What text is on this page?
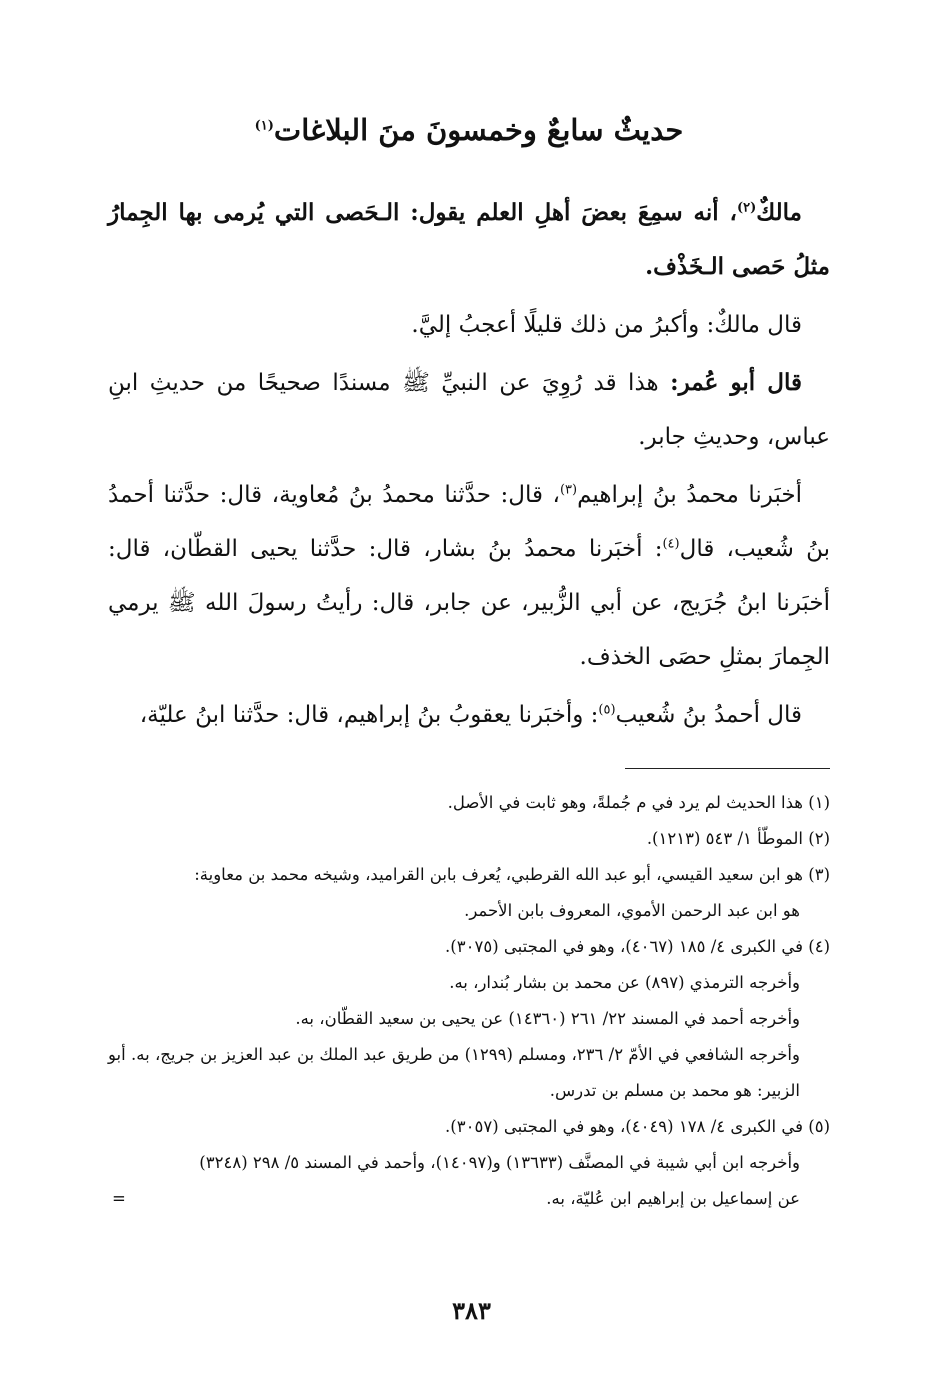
حديثٌ سابعٌ وخمسونَ منَ البلاغات$^{(١)}$

مالكٌ$^{(٢)}$، أنه سمِعَ بعضَ أهلِ العلم يقول: الـحَصى التي يُرمى بها الجِمارُ مثلُ حَصى الـخَذْف.

قال مالكٌ: وأكبرُ من ذلك قليلًا أعجبُ إليَّ.

قال أبو عُمر: هذا قد رُوِيَ عن النبيِّ ﷺ مسندًا صحيحًا من حديثِ ابنِ عباس، وحديثِ جابر.

أخبَرنا محمدُ بنُ إبراهيم$^{(٣)}$، قال: حدَّثنا محمدُ بنُ مُعاوية، قال: حدَّثنا أحمدُ بنُ شُعيب، قال$^{(٤)}$: أخبَرنا محمدُ بنُ بشار، قال: حدَّثنا يحيى القطّان، قال: أخبَرنا ابنُ جُرَيج، عن أبي الزُّبير، عن جابر، قال: رأيتُ رسولَ الله ﷺ يرمي الجِمارَ بمثلِ حصَى الخذف.

قال أحمدُ بنُ شُعيب$^{(٥)}$: وأخبَرنا يعقوبُ بنُ إبراهيم، قال: حدَّثنا ابنُ عليّة،

(١) هذا الحديث لم يرد في م جُملةً، وهو ثابت في الأصل.

(٢) الموطّأ ١/ ٥٤٣ (١٢١٣).

(٣) هو ابن سعيد القيسي، أبو عبد الله القرطبي، يُعرف بابن القراميد، وشيخه محمد بن معاوية:

هو ابن عبد الرحمن الأموي، المعروف بابن الأحمر.

(٤) في الكبرى ٤/ ١٨٥ (٤٠٦٧)، وهو في المجتبى (٣٠٧٥).

وأخرجه الترمذي (٨٩٧) عن محمد بن بشار بُندار، به.

وأخرجه أحمد في المسند ٢٢/ ٢٦١ (١٤٣٦٠) عن يحيى بن سعيد القطّان، به.

وأخرجه الشافعي في الأمّ ٢/ ٢٣٦، ومسلم (١٢٩٩) من طريق عبد الملك بن عبد العزيز بن جريج، به. أبو الزبير: هو محمد بن مسلم بن تدرس.

(٥) في الكبرى ٤/ ١٧٨ (٤٠٤٩)، وهو في المجتبى (٣٠٥٧).

وأخرجه ابن أبي شيبة في المصنَّف (١٣٦٣٣) و(١٤٠٩٧)، وأحمد في المسند ٥/ ٢٩٨ (٣٢٤٨)

عن إسماعيل بن إبراهيم ابن عُليّة، به.

=
٣٨٣
